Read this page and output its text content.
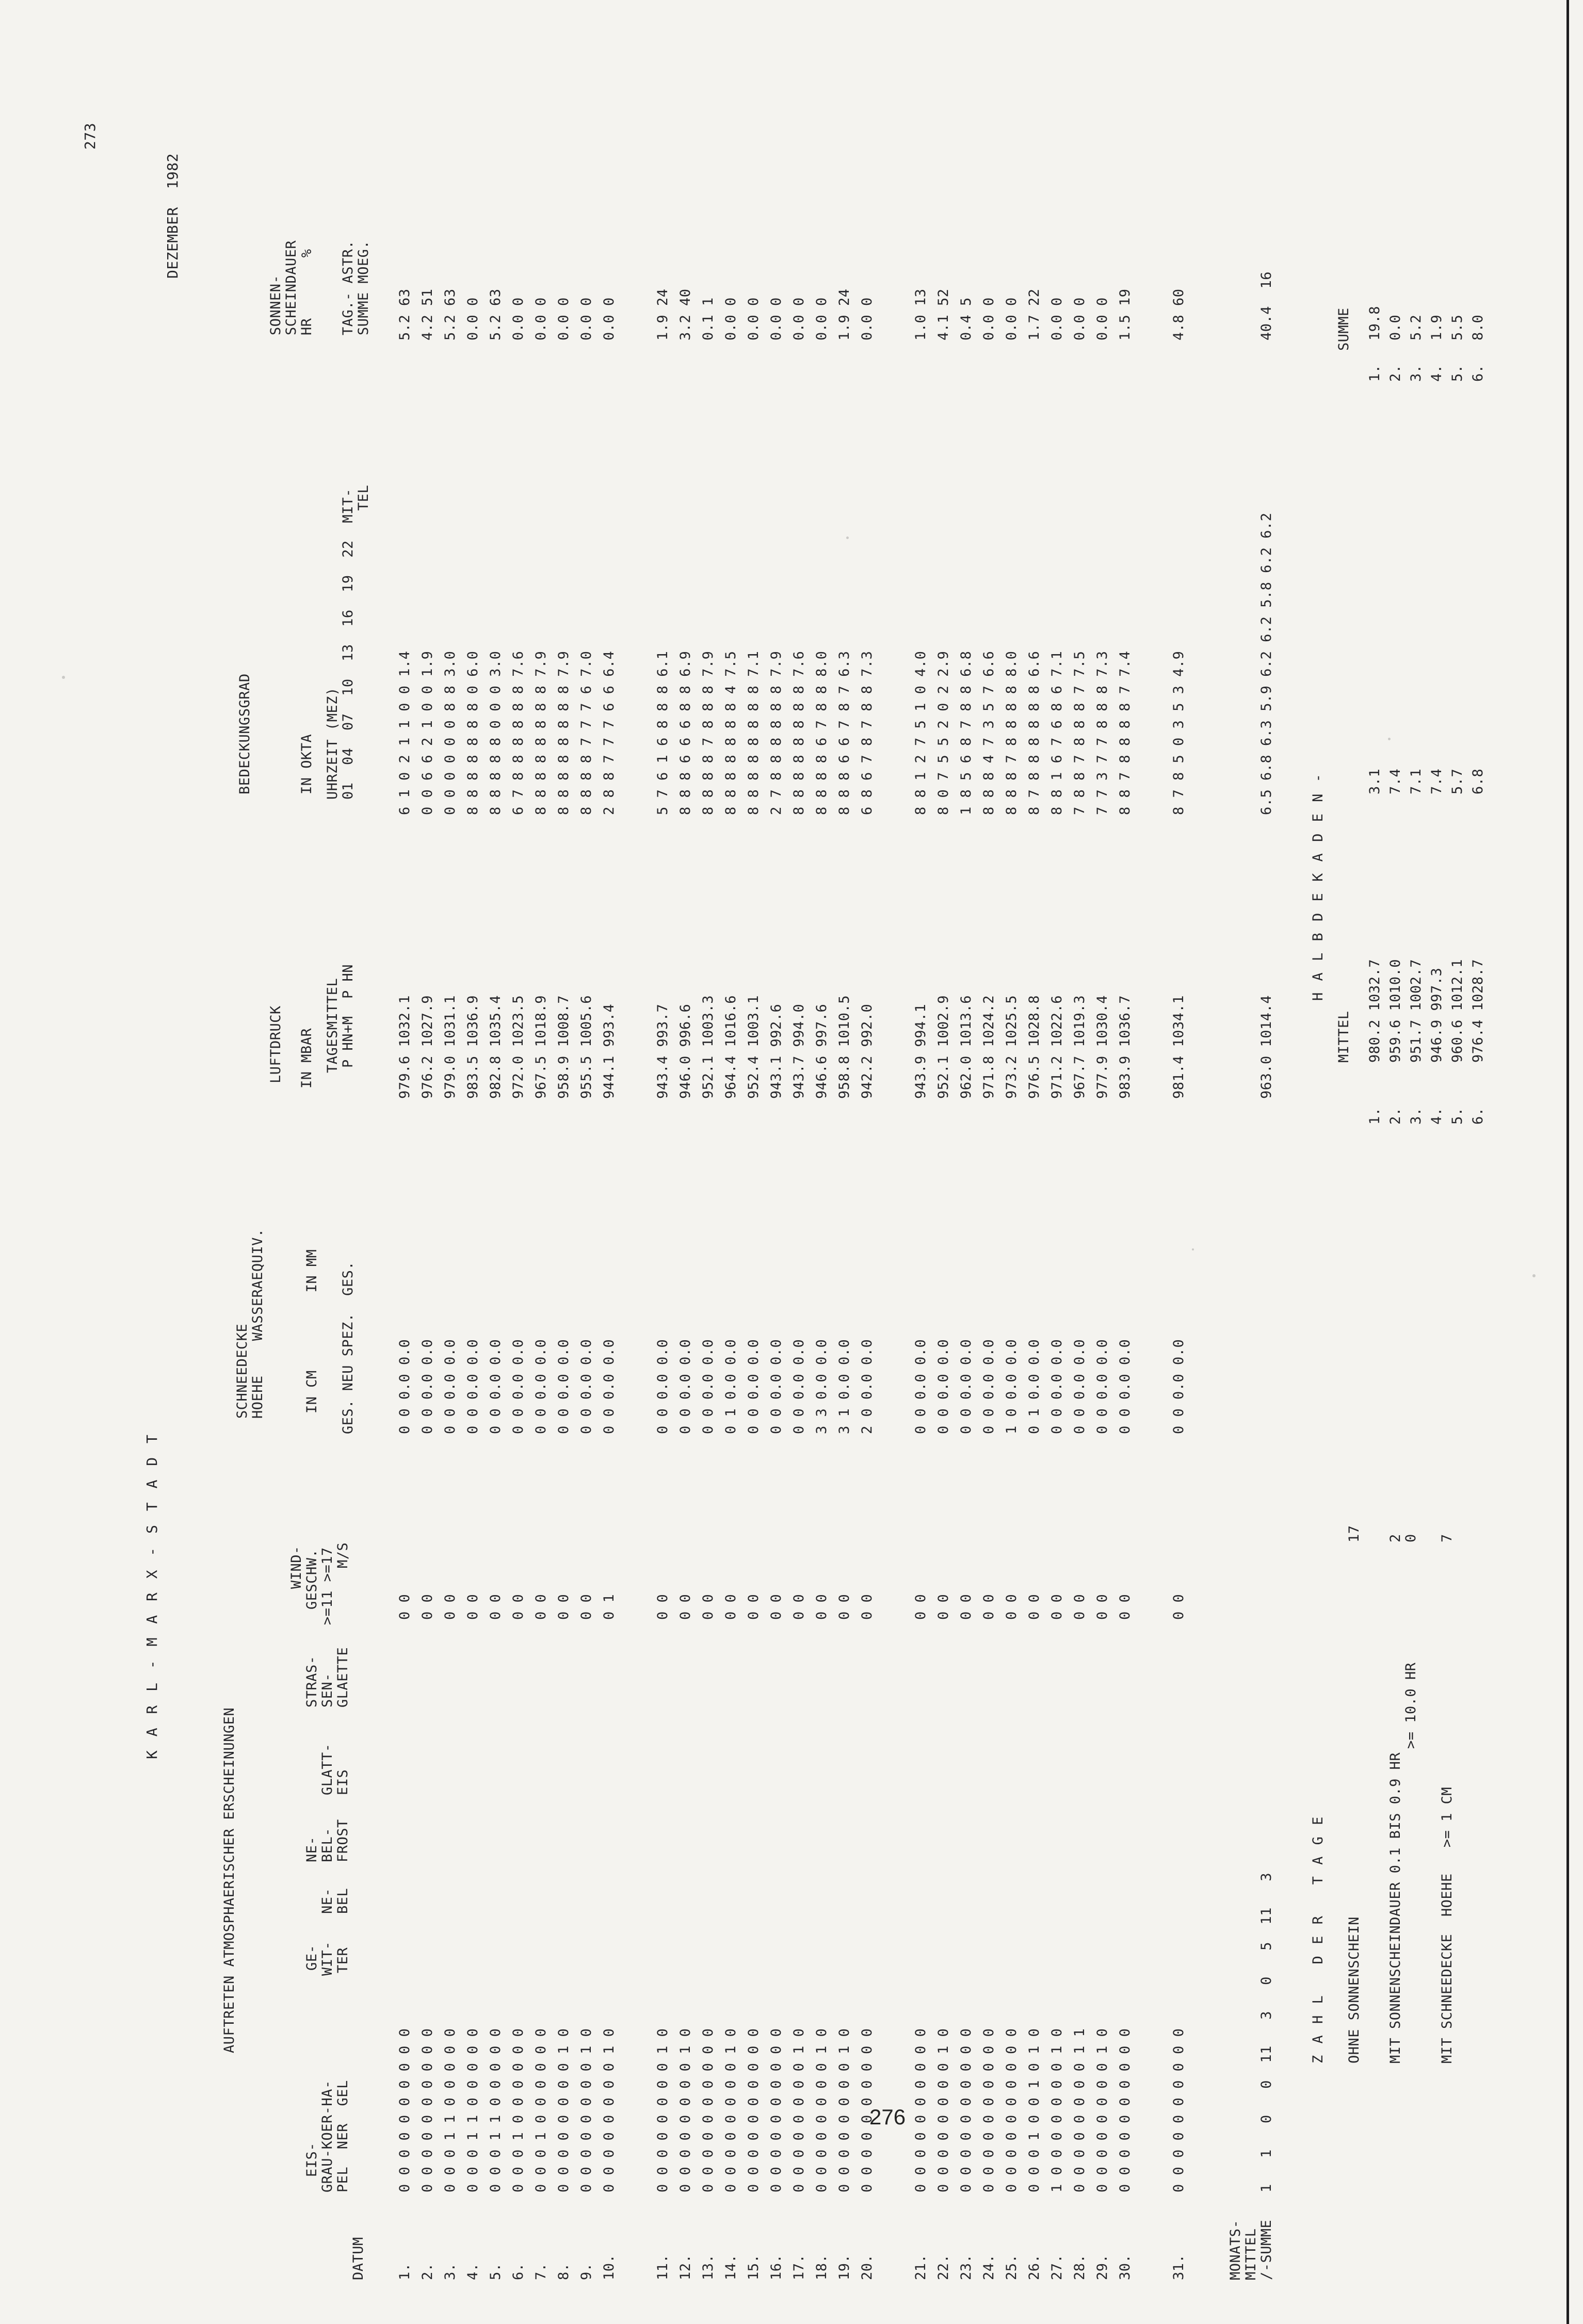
K A R L - M A R X - S T A D T
DEZEMBER  1982
273
AUFTRETEN ATMOSPHAERISCHER ERSCHEINUNGEN
EIS- GRAU-KOER-HA- PEL  NER  GEL
DATUM
GE- WIT- TER
NE- BEL
NE- BEL- FROST
GLATT- EIS
STRAS- SEN- GLAETTE
WIND- GESCHW. >=11 >=17 M/S
SCHNEEDECKE HOEHE    WASSERAEQUIV.	IN CM         IN MM GES. NEU SPEZ.  GES.
LUFTDRUCK IN MBAR TAGESMITTEL P HN+M  P HN
BEDECKUNGSGRAD	IN OKTA UHRZEIT (MEZ) 01  04  07  10  13  16  19  22  MIT- TEL
SONNEN- SCHEINDAUER HR       % TAG.- ASTR. SUMME MOEG.
1.
0 0 0 0 0 0 0 0 0 0
0 0
0 0 0.0 0.0
979.6 1032.1
6 1 0 2 1 1 0 0 1.4
5.2 63
2.
0 0 0 0 0 0 0 0 0 0
0 0
0 0 0.0 0.0
976.2 1027.9
0 0 6 6 2 1 0 0 1.9
4.2 51
3.
0 0 0 1 1 0 0 0 0 0
0 0
0 0 0.0 0.0
979.0 1031.1
0 0 0 0 0 0 8 8 3.0
5.2 63
4.
0 0 0 1 1 0 0 0 0 0
0 0
0 0 0.0 0.0
983.5 1036.9
8 8 8 8 8 8 8 0 6.0
0.0 0
5.
0 0 0 1 1 0 0 0 0 0
0 0
0 0 0.0 0.0
982.8 1035.4
8 8 8 8 8 0 0 0 3.0
5.2 63
6.
0 0 0 1 0 0 0 0 0 0
0 0
0 0 0.0 0.0
972.0 1023.5
6 7 8 8 8 8 8 8 7.6
0.0 0
7.
0 0 0 1 0 0 0 0 0 0
0 0
0 0 0.0 0.0
967.5 1018.9
8 8 8 8 8 8 8 8 7.9
0.0 0
8.
0 0 0 0 0 0 0 0 1 0
0 0
0 0 0.0 0.0
958.9 1008.7
8 8 8 8 8 8 8 8 7.9
0.0 0
9.
0 0 0 0 0 0 0 0 1 0
0 0
0 0 0.0 0.0
955.5 1005.6
8 8 8 8 7 7 7 6 7.0
0.0 0
10.
0 0 0 0 0 0 0 0 1 0
0 1
0 0 0.0 0.0
944.1 993.4
2 8 8 7 7 7 6 6 6.4
0.0 0
11.
0 0 0 0 0 0 0 0 1 0
0 0
0 0 0.0 0.0
943.4 993.7
5 7 6 1 6 8 8 8 6.1
1.9 24
12.
0 0 0 0 0 0 0 0 1 0
0 0
0 0 0.0 0.0
946.0 996.6
8 8 8 6 6 6 8 8 6.9
3.2 40
13.
0 0 0 0 0 0 0 0 0 0
0 0
0 0 0.0 0.0
952.1 1003.3
8 8 8 8 7 8 8 8 7.9
0.1 1
14.
0 0 0 0 0 0 0 0 1 0
0 0
0 1 0.0 0.0
964.4 1016.6
8 8 8 8 8 8 8 4 7.5
0.0 0
15.
0 0 0 0 0 0 0 0 0 0
0 0
0 0 0.0 0.0
952.4 1003.1
8 8 8 8 8 8 8 8 7.1
0.0 0
16.
0 0 0 0 0 0 0 0 0 0
0 0
0 0 0.0 0.0
943.1 992.6
2 7 8 8 8 8 8 8 7.9
0.0 0
17.
0 0 0 0 0 0 0 0 1 0
0 0
0 0 0.0 0.0
943.7 994.0
8 8 8 8 8 8 8 8 7.6
0.0 0
18.
0 0 0 0 0 0 0 0 1 0
0 0
3 3 0.0 0.0
946.6 997.6
8 8 8 8 6 7 8 8 8.0
0.0 0
19.
0 0 0 0 0 0 0 0 1 0
0 0
3 1 0.0 0.0
958.8 1010.5
8 8 8 6 6 7 8 7 6.3
1.9 24
20.
0 0 0 0 0 0 0 0 0 0
0 0
2 0 0.0 0.0
942.2 992.0
6 8 6 7 8 7 8 8 7.3
0.0 0
21.
0 0 0 0 0 0 0 0 0 0
0 0
0 0 0.0 0.0
943.9 994.1
8 8 1 2 7 5 1 0 4.0
1.0 13
22.
0 0 0 0 0 0 0 0 1 0
0 0
0 0 0.0 0.0
952.1 1002.9
8 0 7 5 5 2 0 2 2.9
4.1 52
23.
0 0 0 0 0 0 0 0 0 0
0 0
0 0 0.0 0.0
962.0 1013.6
1 8 5 6 8 7 8 8 6.8
0.4 5
24.
0 0 0 0 0 0 0 0 0 0
0 0
0 0 0.0 0.0
971.8 1024.2
8 8 8 4 7 3 5 7 6.6
0.0 0
25.
0 0 0 0 0 0 0 0 0 0
0 0
1 0 0.0 0.0
973.2 1025.5
8 8 8 7 8 8 8 8 8.0
0.0 0
26.
0 0 0 1 0 0 1 0 1 0
0 0
0 1 0.0 0.0
976.5 1028.8
8 7 8 8 8 8 8 8 6.6
1.7 22
27.
1 0 0 0 0 0 0 0 1 0
0 0
0 0 0.0 0.0
971.2 1022.6
8 8 1 6 7 6 8 6 7.1
0.0 0
28.
0 0 0 0 0 0 0 0 1 1
0 0
0 0 0.0 0.0
967.7 1019.3
7 8 8 7 8 8 8 7 7.5
0.0 0
29.
0 0 0 0 0 0 0 0 1 0
0 0
0 0 0.0 0.0
977.9 1030.4
7 7 3 7 7 8 8 8 7.3
0.0 0
30.
0 0 0 0 0 0 0 0 0 0
0 0
0 0 0.0 0.0
983.9 1036.7
8 8 7 8 8 8 8 7 7.4
1.5 19
31.
0 0 0 0 0 0 0 0 0 0
0 0
0 0 0.0 0.0
981.4 1034.1
8 7 8 5 0 3 5 3 4.9
4.8 60
MONATS- MITTEL /-SUMME
1   1   0   0  11   3   0   5  11   3
963.0 1014.4
6.5 6.8 6.3 5.9 6.2 6.2 5.8 6.2 6.2
40.4  16
Z A H L   D E R   T A G E OHNE SONNENSCHEIN
17
MIT SONNENSCHEINDAUER 0.1 BIS 0.9 HR
2
>= 10.0 HR
0
MIT SCHNEEDECKE  HOEHE   >= 1 CM
7
H A L B D E K A D E N -
MITTEL
SUMME
1.
980.2 1032.7
3.1
1.
19.8
2.
959.6 1010.0
7.4
2.
0.0
3.
951.7 1002.7
7.1
3.
5.2
4.
946.9 997.3
7.4
4.
1.9
5.
960.6 1012.1
5.7
5.
5.5
6.
976.4 1028.7
6.8
6.
8.0
276
